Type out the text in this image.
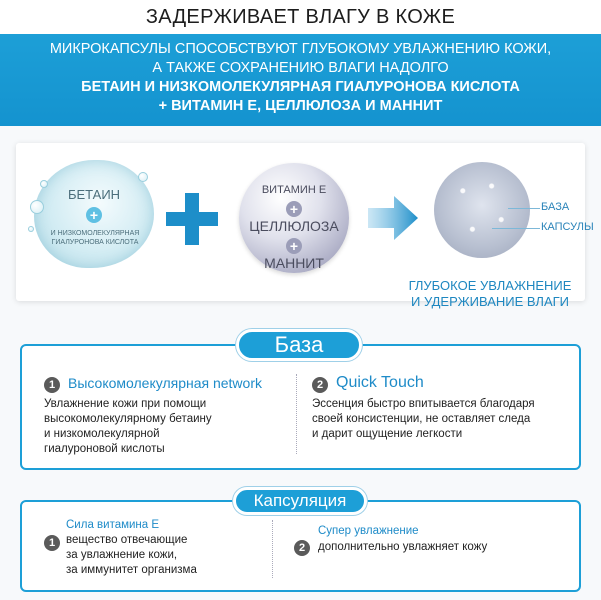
ЗАДЕРЖИВАЕТ ВЛАГУ В КОЖЕ
МИКРОКАПСУЛЫ СПОСОБСТВУЮТ ГЛУБОКОМУ УВЛАЖНЕНИЮ КОЖИ,
А ТАКЖЕ СОХРАНЕНИЮ ВЛАГИ НАДОЛГО
БЕТАИН И НИЗКОМОЛЕКУЛЯРНАЯ ГИАЛУРОНОВА КИСЛОТА
+ ВИТАМИН Е, ЦЕЛЛЮЛОЗА И МАННИТ
БЕТАИН
+
И НИЗКОМОЛЕКУЛЯРНАЯ
ГИАЛУРОНОВА КИСЛОТА
ВИТАМИН Е
+
ЦЕЛЛЮЛОЗА
+
МАННИТ
БАЗА
КАПСУЛЫ
ГЛУБОКОЕ УВЛАЖНЕНИЕ
И УДЕРЖИВАНИЕ ВЛАГИ
База
1 Высокомолекулярная network
Увлажнение кожи при помощи
высокомолекулярному бетаину
и низкомолекулярной
гиалуроновой кислоты
2 Quick Touch
Эссенция быстро впитывается благодаря
своей консистенции, не оставляет следа
и дарит ощущение легкости
Капсуляция
Сила витамина Е
1 вещество отвечающие
за увлажнение кожи,
за иммунитет организма
Супер увлажнение
2	дополнительно увлажняет кожу
